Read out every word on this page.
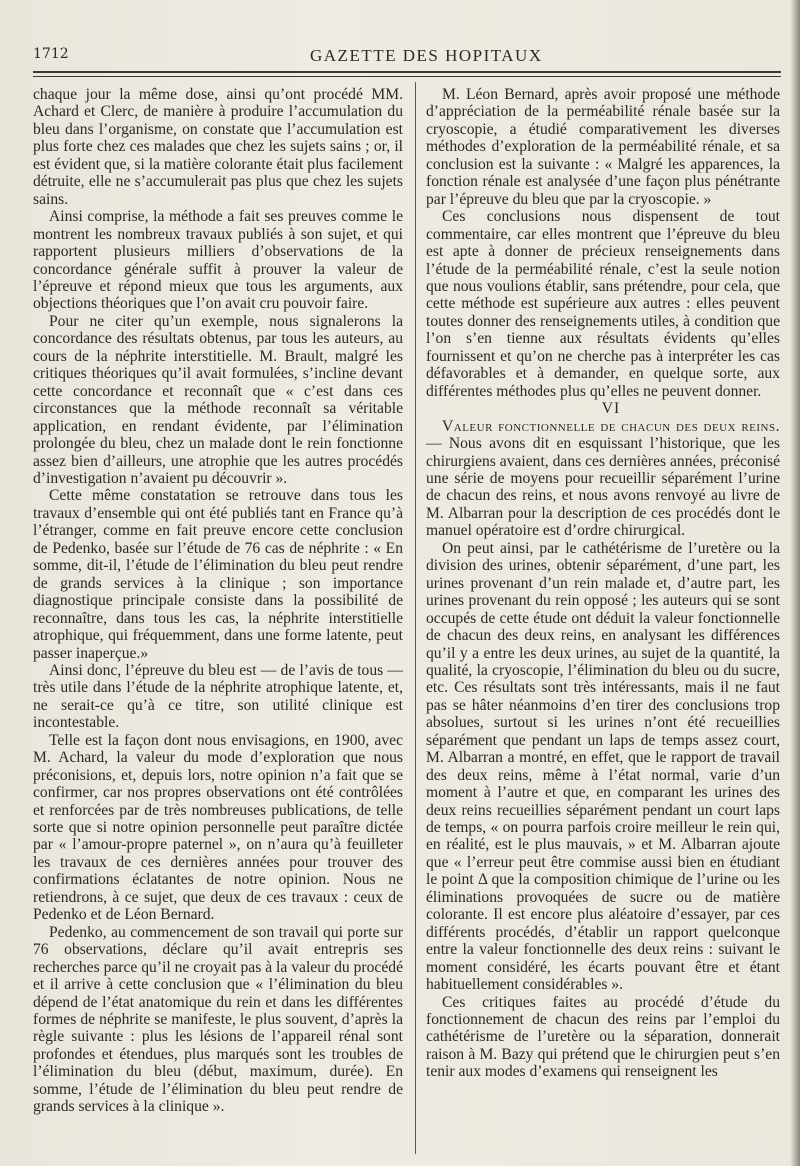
1712	GAZETTE DES HOPITAUX

chaque jour la même dose, ainsi qu’ont procédé MM. Achard et Clerc, de manière à produire l’accumulation du bleu dans l’organisme, on constate que l’accumulation est plus forte chez ces malades que chez les sujets sains ; or, il est évident que, si la matière colorante était plus facilement détruite, elle ne s’accumulerait pas plus que chez les sujets sains.

Ainsi comprise, la méthode a fait ses preuves comme le montrent les nombreux travaux publiés à son sujet, et qui rapportent plusieurs milliers d’observations de la concordance générale suffit à prouver la valeur de l’épreuve et répond mieux que tous les arguments, aux objections théoriques que l’on avait cru pouvoir faire.

Pour ne citer qu’un exemple, nous signalerons la concordance des résultats obtenus, par tous les auteurs, au cours de la néphrite interstitielle. M. Brault, malgré les critiques théoriques qu’il avait formulées, s’incline devant cette concordance et reconnaît que « c’est dans ces circonstances que la méthode reconnaît sa véritable application, en rendant évidente, par l’élimination prolongée du bleu, chez un malade dont le rein fonctionne assez bien d’ailleurs, une atrophie que les autres procédés d’investigation n’avaient pu découvrir ».

Cette même constatation se retrouve dans tous les travaux d’ensemble qui ont été publiés tant en France qu’à l’étranger, comme en fait preuve encore cette conclusion de Pedenko, basée sur l’étude de 76 cas de néphrite : « En somme, dit-il, l’étude de l’élimination du bleu peut rendre de grands services à la clinique ; son importance diagnostique principale consiste dans la possibilité de reconnaître, dans tous les cas, la néphrite interstitielle atrophique, qui fréquemment, dans une forme latente, peut passer inaperçue.»

Ainsi donc, l’épreuve du bleu est — de l’avis de tous — très utile dans l’étude de la néphrite atrophique latente, et, ne serait-ce qu’à ce titre, son utilité clinique est incontestable.

Telle est la façon dont nous envisagions, en 1900, avec M. Achard, la valeur du mode d’exploration que nous préconisions, et, depuis lors, notre opinion n’a fait que se confirmer, car nos propres observations ont été contrôlées et renforcées par de très nombreuses publications, de telle sorte que si notre opinion personnelle peut paraître dictée par « l’amour-propre paternel », on n’aura qu’à feuilleter les travaux de ces dernières années pour trouver des confirmations éclatantes de notre opinion. Nous ne retiendrons, à ce sujet, que deux de ces travaux : ceux de Pedenko et de Léon Bernard.

Pedenko, au commencement de son travail qui porte sur 76 observations, déclare qu’il avait entrepris ses recherches parce qu’il ne croyait pas à la valeur du procédé et il arrive à cette conclusion que « l’élimination du bleu dépend de l’état anatomique du rein et dans les différentes formes de néphrite se manifeste, le plus souvent, d’après la règle suivante : plus les lésions de l’appareil rénal sont profondes et étendues, plus marqués sont les troubles de l’élimination du bleu (début, maximum, durée). En somme, l’étude de l’élimination du bleu peut rendre de grands services à la clinique ».

M. Léon Bernard, après avoir proposé une méthode d’appréciation de la perméabilité rénale basée sur la cryoscopie, a étudié comparativement les diverses méthodes d’exploration de la perméabilité rénale, et sa conclusion est la suivante : « Malgré les apparences, la fonction rénale est analysée d’une façon plus pénétrante par l’épreuve du bleu que par la cryoscopie. »

Ces conclusions nous dispensent de tout commentaire, car elles montrent que l’épreuve du bleu est apte à donner de précieux renseignements dans l’étude de la perméabilité rénale, c’est la seule notion que nous voulions établir, sans prétendre, pour cela, que cette méthode est supérieure aux autres : elles peuvent toutes donner des renseignements utiles, à condition que l’on s’en tienne aux résultats évidents qu’elles fournissent et qu’on ne cherche pas à interpréter les cas défavorables et à demander, en quelque sorte, aux différentes méthodes plus qu’elles ne peuvent donner.

VI

Valeur fonctionnelle de chacun des deux reins. — Nous avons dit en esquissant l’historique, que les chirurgiens avaient, dans ces dernières années, préconisé une série de moyens pour recueillir séparément l’urine de chacun des reins, et nous avons renvoyé au livre de M. Albarran pour la description de ces procédés dont le manuel opératoire est d’ordre chirurgical.

On peut ainsi, par le cathétérisme de l’uretère ou la division des urines, obtenir séparément, d’une part, les urines provenant d’un rein malade et, d’autre part, les urines provenant du rein opposé ; les auteurs qui se sont occupés de cette étude ont déduit la valeur fonctionnelle de chacun des deux reins, en analysant les différences qu’il y a entre les deux urines, au sujet de la quantité, la qualité, la cryoscopie, l’élimination du bleu ou du sucre, etc. Ces résultats sont très intéressants, mais il ne faut pas se hâter néanmoins d’en tirer des conclusions trop absolues, surtout si les urines n’ont été recueillies séparément que pendant un laps de temps assez court, M. Albarran a montré, en effet, que le rapport de travail des deux reins, même à l’état normal, varie d’un moment à l’autre et que, en comparant les urines des deux reins recueillies séparément pendant un court laps de temps, « on pourra parfois croire meilleur le rein qui, en réalité, est le plus mauvais, » et M. Albarran ajoute que « l’erreur peut être commise aussi bien en étudiant le point Δ que la composition chimique de l’urine ou les éliminations provoquées de sucre ou de matière colorante. Il est encore plus aléatoire d’essayer, par ces différents procédés, d’établir un rapport quelconque entre la valeur fonctionnelle des deux reins : suivant le moment considéré, les écarts pouvant être et étant habituellement considérables ».

Ces critiques faites au procédé d’étude du fonctionnement de chacun des reins par l’emploi du cathétérisme de l’uretère ou la séparation, donnerait raison à M. Bazy qui prétend que le chirurgien peut s’en tenir aux modes d’examens qui renseignent les
